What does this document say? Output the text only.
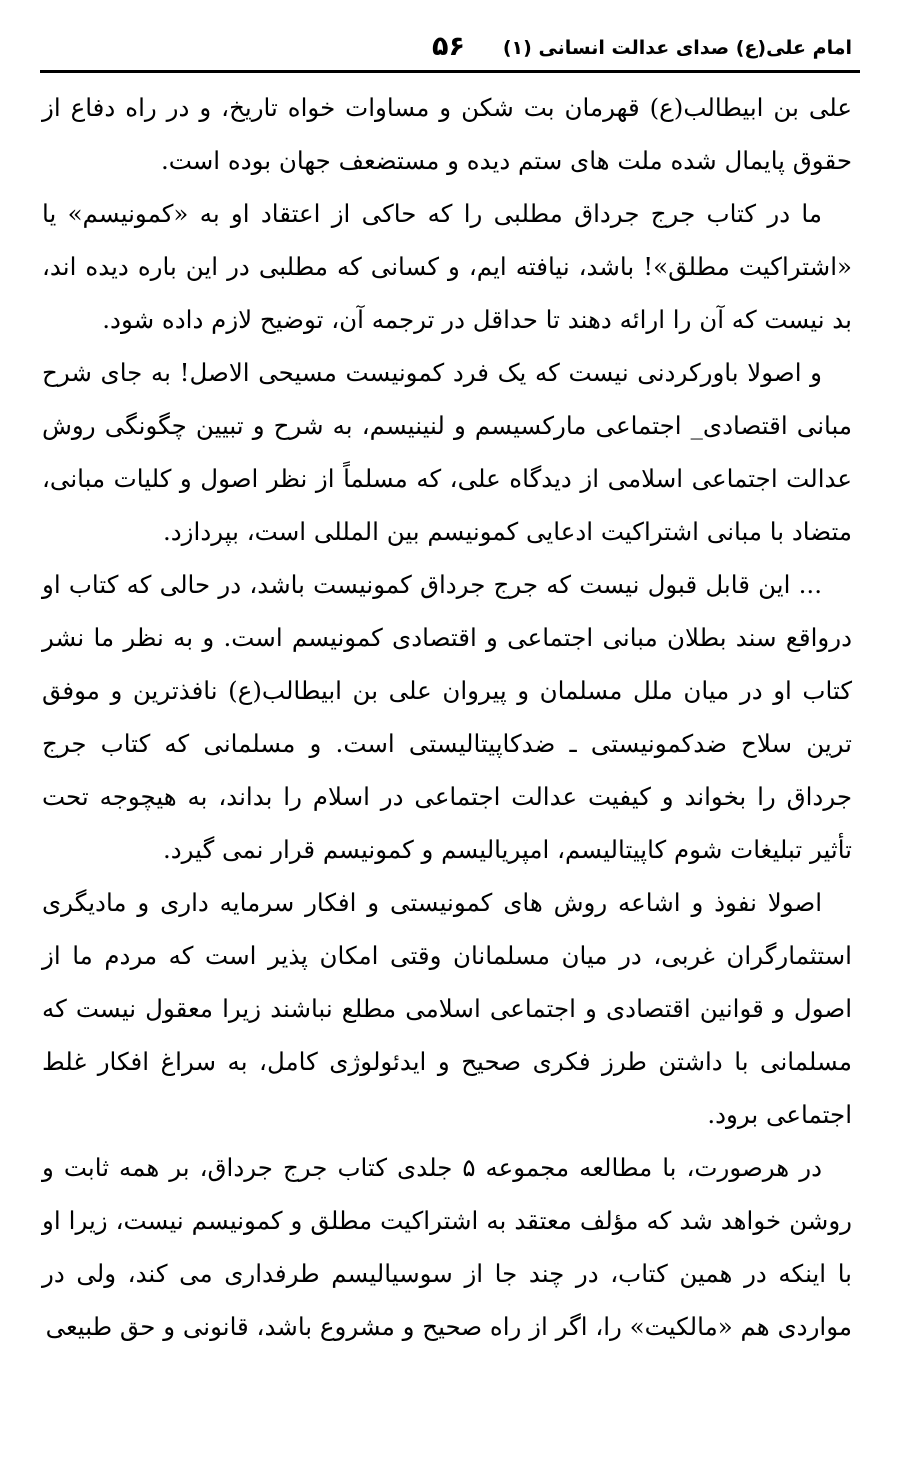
امام علی(ع) صدای عدالت انسانی (۱)
۵۶

علی بن ابیطالب(ع) قهرمان بت شکن و مساوات خواه تاریخ، و در راه دفاع از حقوق پایمال شده ملت های ستم دیده و مستضعف جهان بوده است.

ما در کتاب جرج جرداق مطلبی را که حاکی از اعتقاد او به «کمونیسم» یا «اشتراکیت مطلق»! باشد، نیافته ایم، و کسانی که مطلبی در این باره دیده اند، بد نیست که آن را ارائه دهند تا حداقل در ترجمه آن، توضیح لازم داده شود.

و اصولا باورکردنی نیست که یک فرد کمونیست مسیحی الاصل! به جای شرح مبانی اقتصادی_ اجتماعی مارکسیسم و لنینیسم، به شرح و تبیین چگونگی روش عدالت اجتماعی اسلامی از دیدگاه علی، که مسلماً از نظر اصول و کلیات مبانی، متضاد با مبانی اشتراکیت ادعایی کمونیسم بین المللی است، بپردازد.

... این قابل قبول نیست که جرج جرداق کمونیست باشد، در حالی که کتاب او درواقع سند بطلان مبانی اجتماعی و اقتصادی کمونیسم است. و به نظر ما نشر کتاب او در میان ملل مسلمان و پیروان علی بن ابیطالب(ع) نافذترین و موفق ترین سلاح ضدکمونیستی ـ ضدکاپیتالیستی است. و مسلمانی که کتاب جرج جرداق را بخواند و کیفیت عدالت اجتماعی در اسلام را بداند، به هیچوجه تحت تأثیر تبلیغات شوم کاپیتالیسم، امپریالیسم و کمونیسم قرار نمی گیرد.

اصولا نفوذ و اشاعه روش های کمونیستی و افکار سرمایه داری و مادیگری استثمارگران غربی، در میان مسلمانان وقتی امکان پذیر است که مردم ما از اصول و قوانین اقتصادی و اجتماعی اسلامی مطلع نباشند زیرا معقول نیست که مسلمانی با داشتن طرز فکری صحیح و ایدئولوژی کامل، به سراغ افکار غلط اجتماعی برود.

در هرصورت، با مطالعه مجموعه ۵ جلدی کتاب جرج جرداق، بر همه ثابت و روشن خواهد شد که مؤلف معتقد به اشتراکیت مطلق و کمونیسم نیست، زیرا او با اینکه در همین کتاب، در چند جا از سوسیالیسم طرفداری می کند، ولی در مواردی هم «مالکیت» را، اگر از راه صحیح و مشروع باشد، قانونی و حق طبیعی
